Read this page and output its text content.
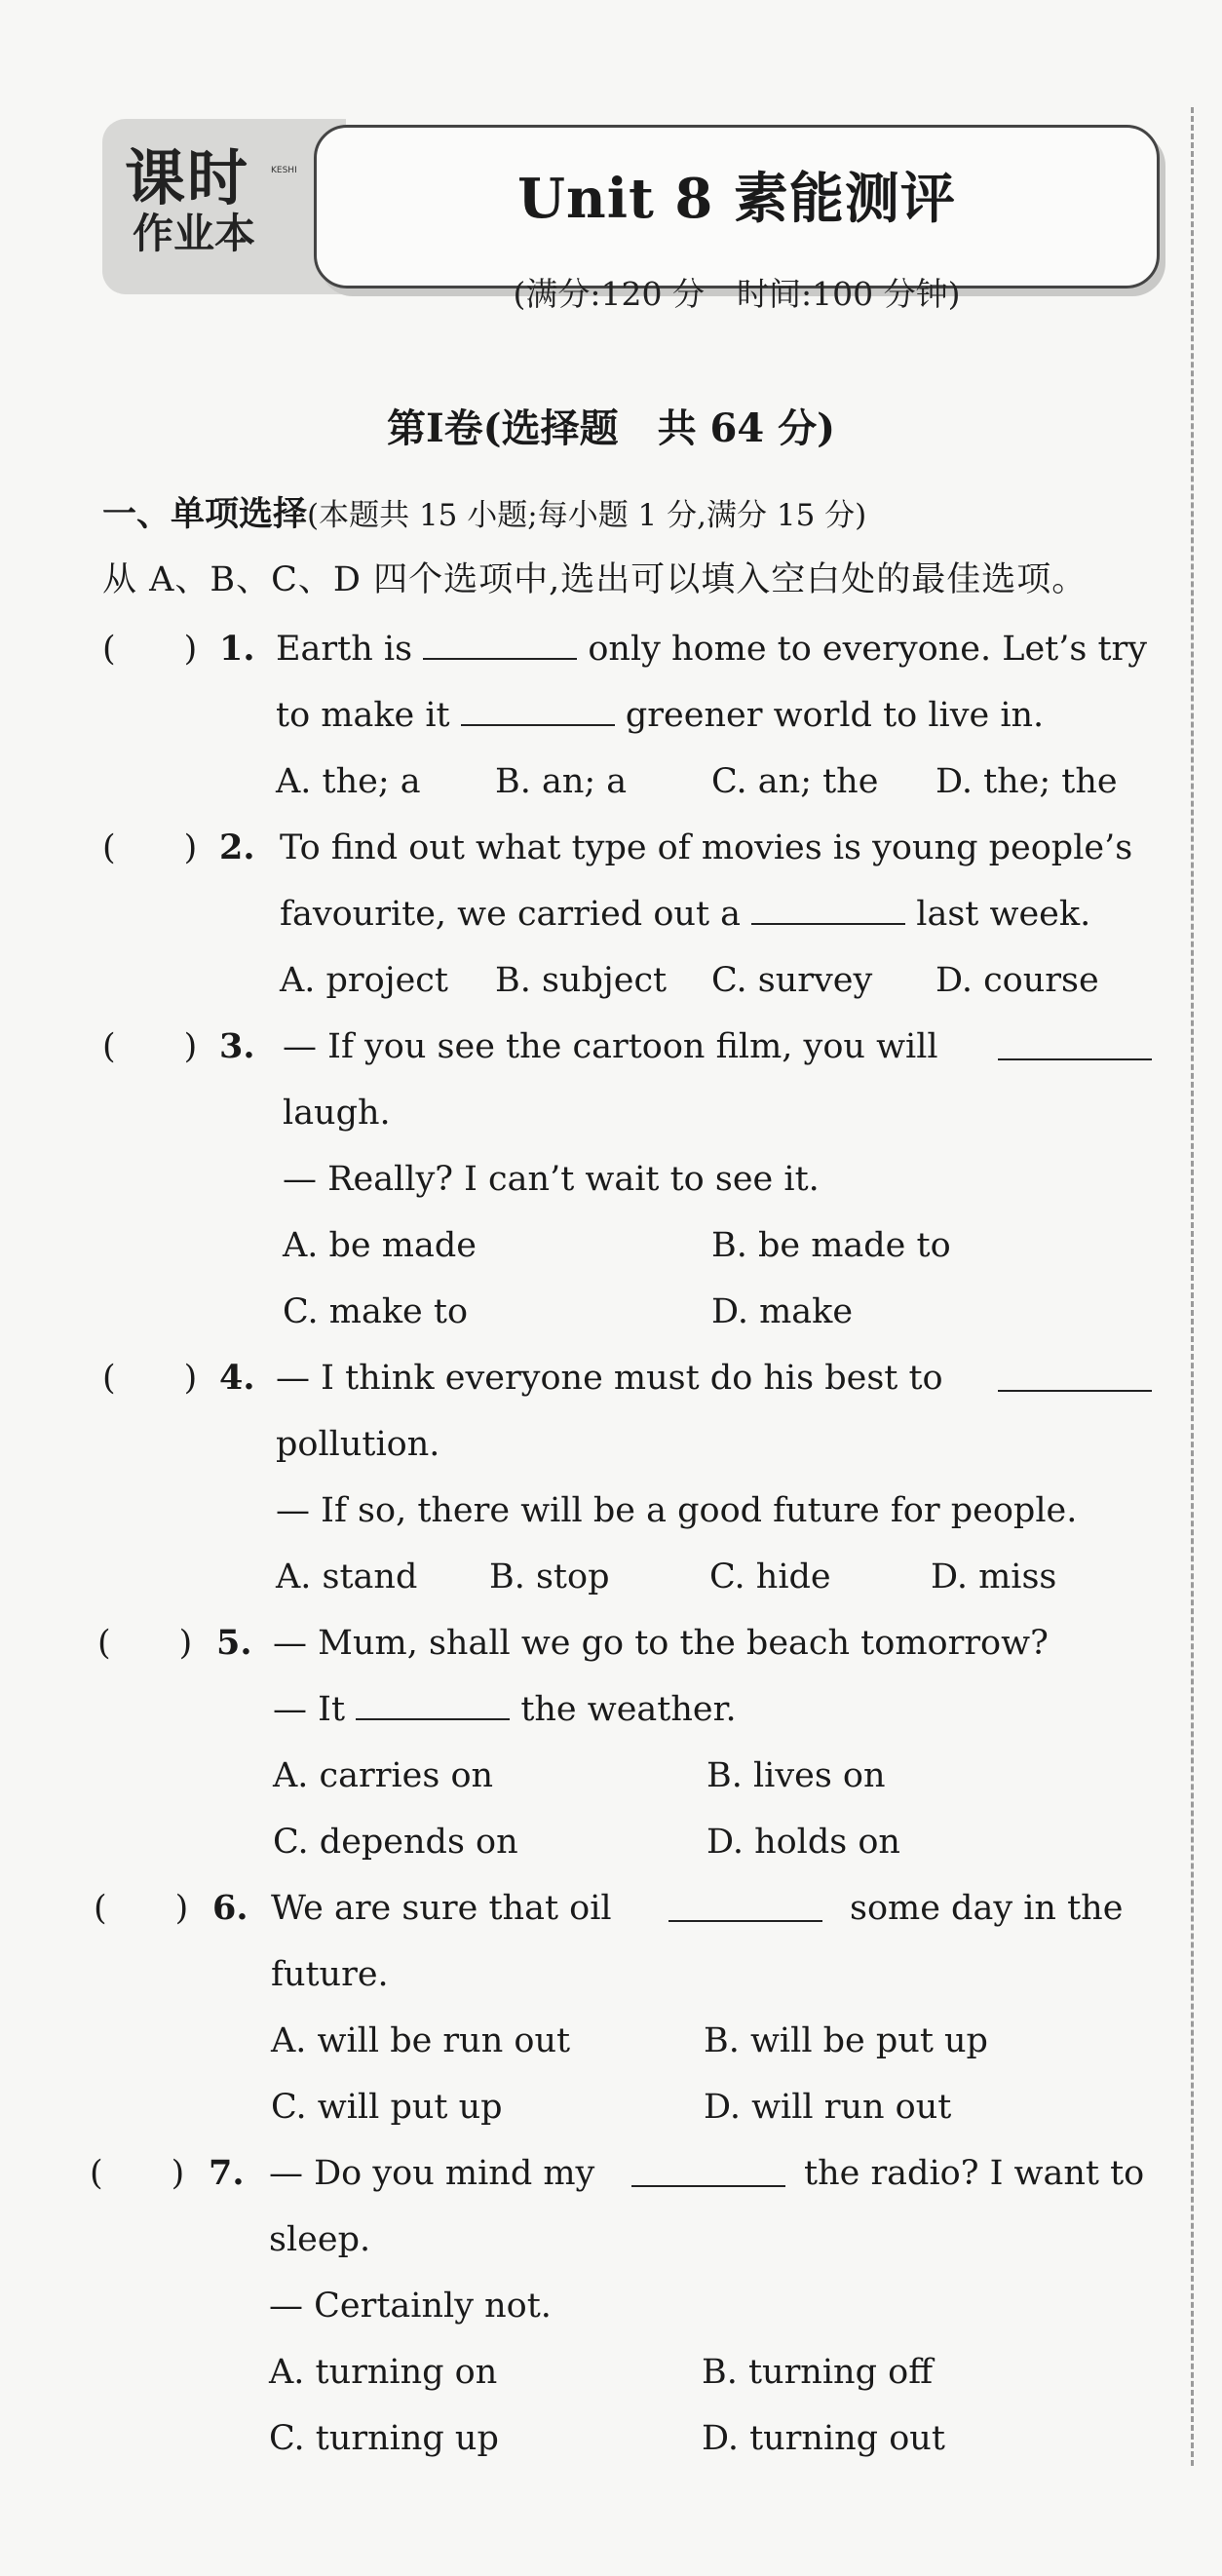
课时
作业本
KESHI	Unit 8 素能测评
(满分:120 分　时间:100 分钟)
第Ⅰ卷(选择题　共 64 分)
一、单项选择(本题共 15 小题;每小题 1 分,满分 15 分)
从 A、B、C、D 四个选项中,选出可以填入空白处的最佳选项。
(　　) 1. Earth is	only home to everyone. Let’s try
to make it	greener world to live in.
A. the; a B. an; a C. an; the D. the; the
(　　) 2. To find out what type of movies is young people’s
favourite, we carried out a	last week.
A. project B. subject C. survey D. course
(　　) 3. — If you see the cartoon film, you will
laugh.
— Really? I can’t wait to see it.
A. be made	B. be made to
C. make to	D. make
(　　) 4. — I think everyone must do his best to
pollution.
— If so, there will be a good future for people.
A. stand B. stop	C. hide	D. miss
(　　) 5. — Mum, shall we go to the beach tomorrow?
— It	the weather.
A. carries on	B. lives on
C. depends on	D. holds on
(　　) 6. We are sure that oil	some day in the
future.
A. will be run out	B. will be put up
C. will put up	D. will run out
(　　) 7. — Do you mind my	the radio? I want to
sleep.
— Certainly not.
A. turning on	B. turning off
C. turning up	D. turning out
